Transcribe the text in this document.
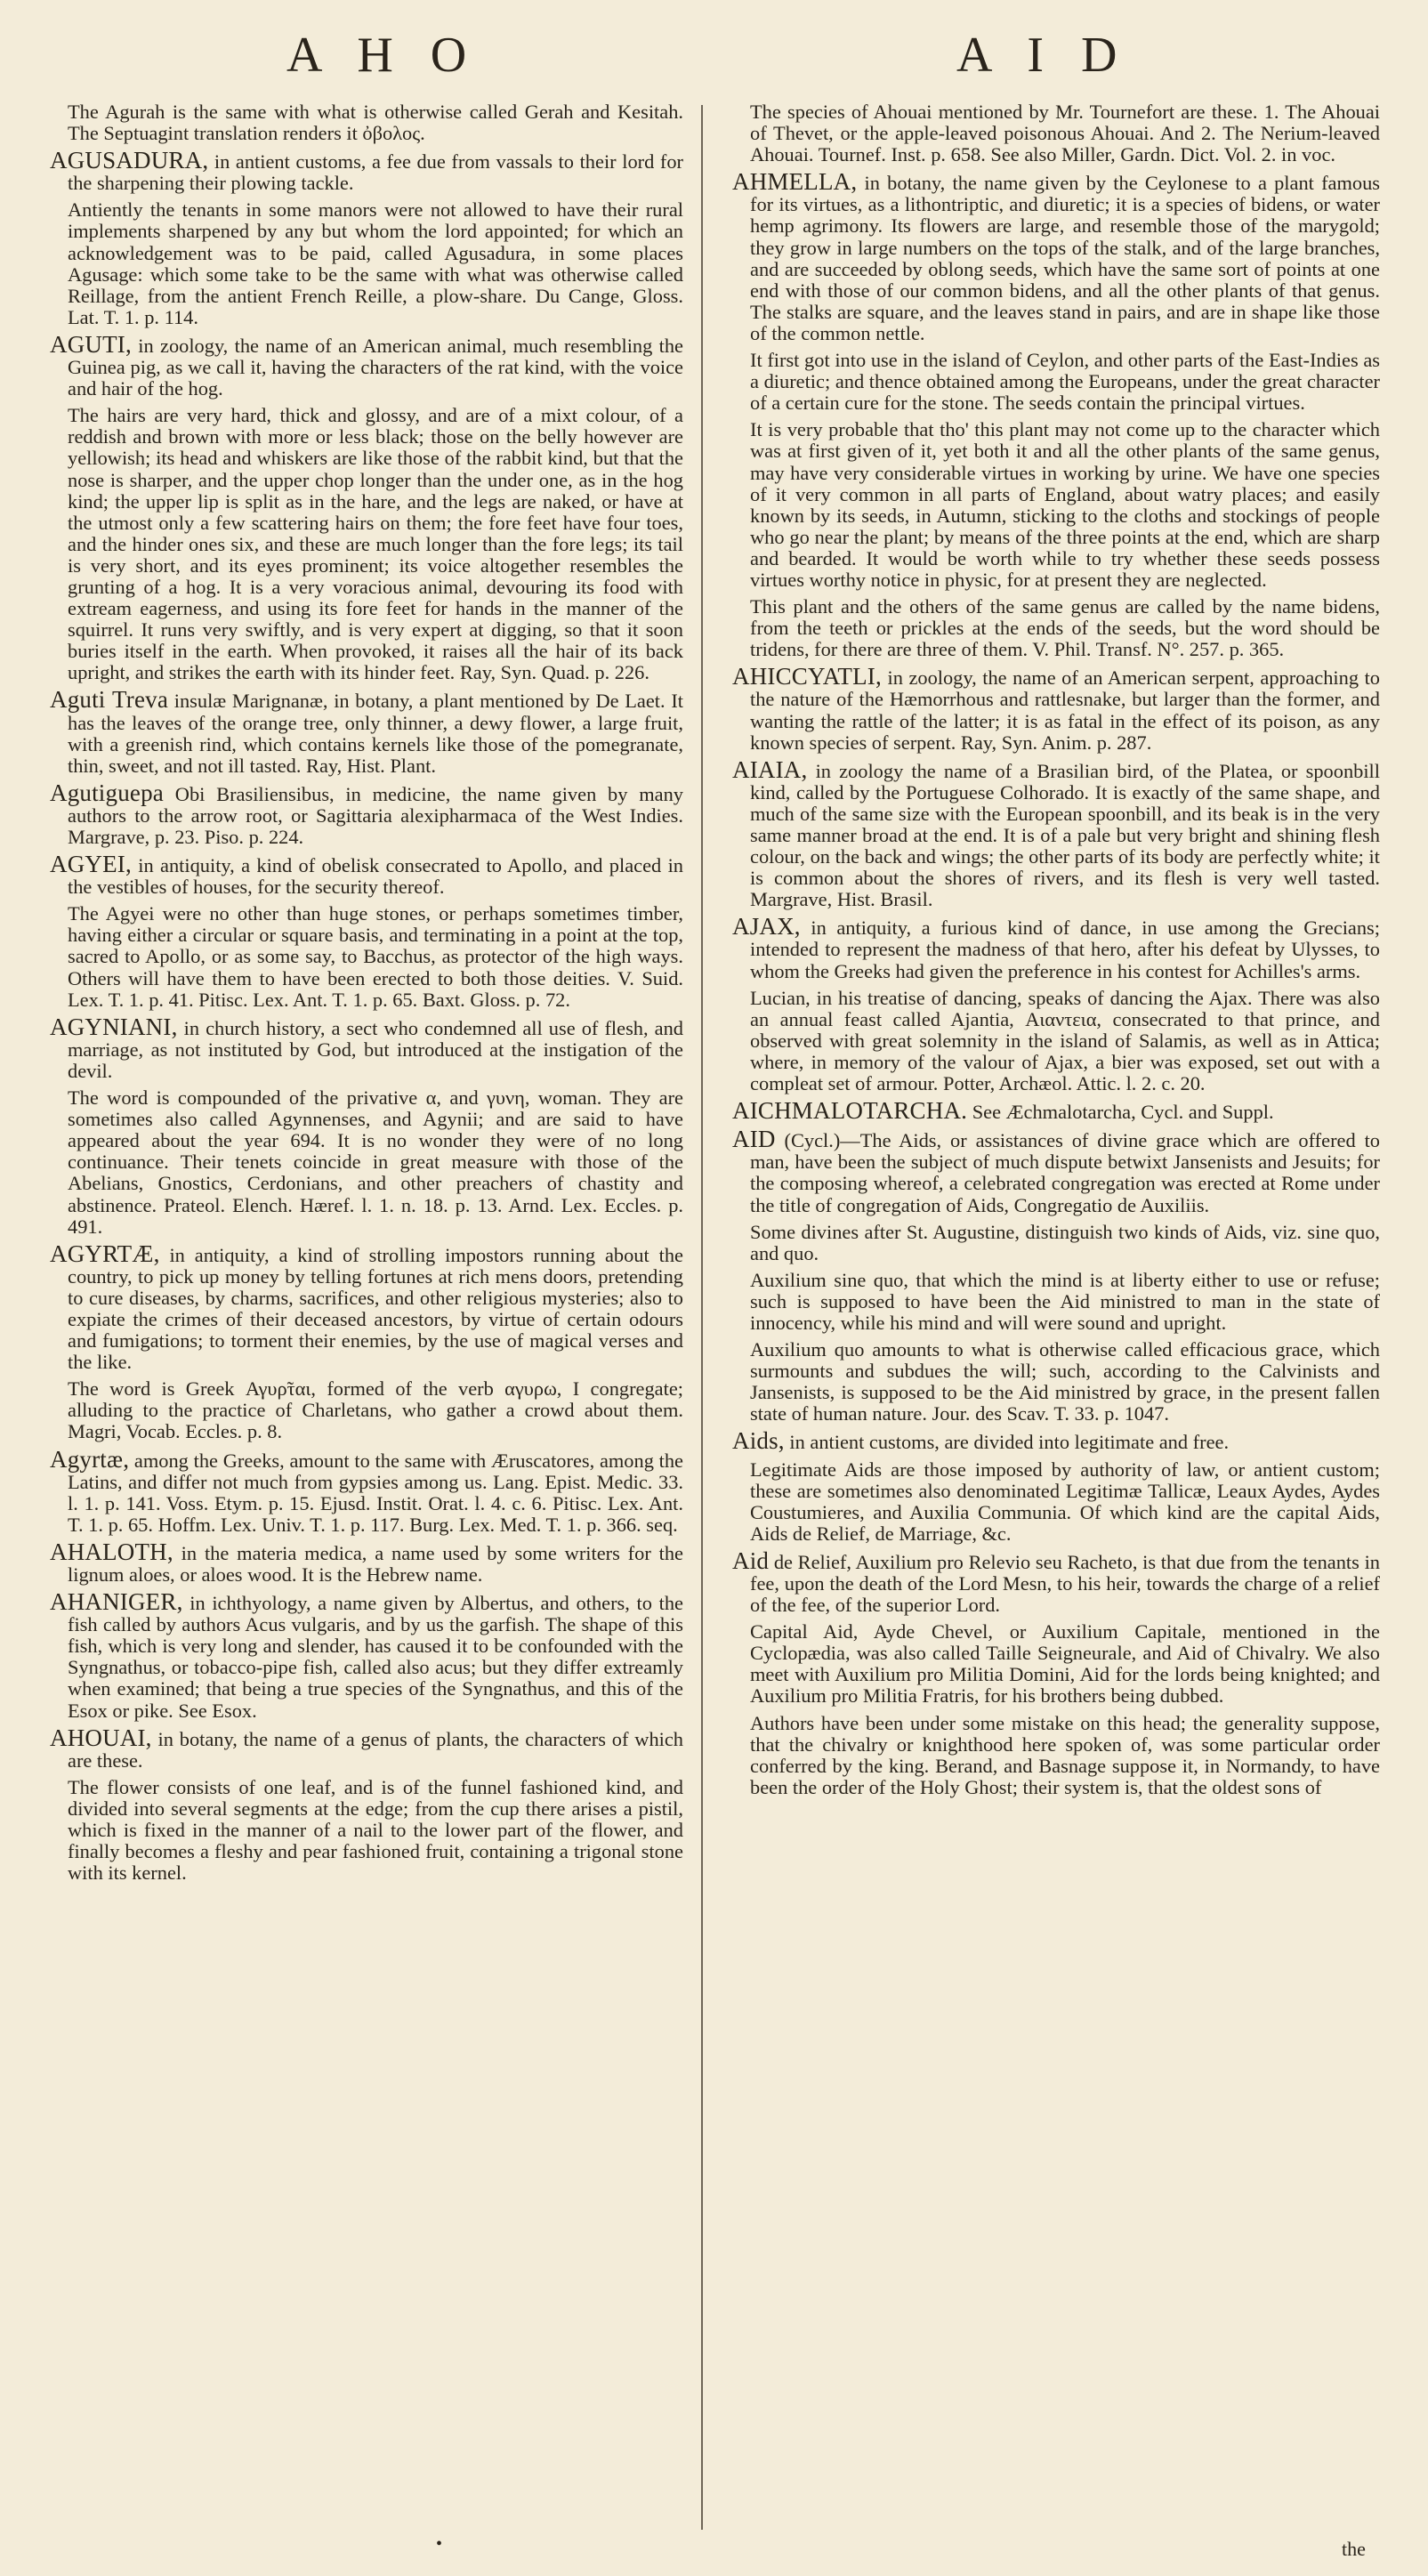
A H O	A I D

The Agurah is the same with what is otherwise called Gerah and Kesitah. The Septuagint translation renders it ὀβολος.

AGUSADURA, in antient customs, a fee due from vassals to their lord for the sharpening their plowing tackle.

Antiently the tenants in some manors were not allowed to have their rural implements sharpened by any but whom the lord appointed; for which an acknowledgement was to be paid, called Agusadura, in some places Agusage: which some take to be the same with what was otherwise called Reillage, from the antient French Reille, a plow-share. Du Cange, Gloss. Lat. T. 1. p. 114.

AGUTI, in zoology, the name of an American animal, much resembling the Guinea pig, as we call it, having the characters of the rat kind, with the voice and hair of the hog.

The hairs are very hard, thick and glossy, and are of a mixt colour, of a reddish and brown with more or less black; those on the belly however are yellowish; its head and whiskers are like those of the rabbit kind, but that the nose is sharper, and the upper chop longer than the under one, as in the hog kind; the upper lip is split as in the hare, and the legs are naked, or have at the utmost only a few scattering hairs on them; the fore feet have four toes, and the hinder ones six, and these are much longer than the fore legs; its tail is very short, and its eyes prominent; its voice altogether resembles the grunting of a hog. It is a very voracious animal, devouring its food with extream eagerness, and using its fore feet for hands in the manner of the squirrel. It runs very swiftly, and is very expert at digging, so that it soon buries itself in the earth. When provoked, it raises all the hair of its back upright, and strikes the earth with its hinder feet. Ray, Syn. Quad. p. 226.

Aguti Treva insulæ Marignanæ, in botany, a plant mentioned by De Laet. It has the leaves of the orange tree, only thinner, a dewy flower, a large fruit, with a greenish rind, which contains kernels like those of the pomegranate, thin, sweet, and not ill tasted. Ray, Hist. Plant.

Agutiguepa Obi Brasiliensibus, in medicine, the name given by many authors to the arrow root, or Sagittaria alexipharmaca of the West Indies. Margrave, p. 23. Piso. p. 224.

AGYEI, in antiquity, a kind of obelisk consecrated to Apollo, and placed in the vestibles of houses, for the security thereof.

The Agyei were no other than huge stones, or perhaps sometimes timber, having either a circular or square basis, and terminating in a point at the top, sacred to Apollo, or as some say, to Bacchus, as protector of the high ways. Others will have them to have been erected to both those deities. V. Suid. Lex. T. 1. p. 41. Pitisc. Lex. Ant. T. 1. p. 65. Baxt. Gloss. p. 72.

AGYNIANI, in church history, a sect who condemned all use of flesh, and marriage, as not instituted by God, but introduced at the instigation of the devil.

The word is compounded of the privative α, and γυνη, woman. They are sometimes also called Agynnenses, and Agynii; and are said to have appeared about the year 694. It is no wonder they were of no long continuance. Their tenets coincide in great measure with those of the Abelians, Gnostics, Cerdonians, and other preachers of chastity and abstinence. Prateol. Elench. Hæref. l. 1. n. 18. p. 13. Arnd. Lex. Eccles. p. 491.

AGYRTÆ, in antiquity, a kind of strolling impostors running about the country, to pick up money by telling fortunes at rich mens doors, pretending to cure diseases, by charms, sacrifices, and other religious mysteries; also to expiate the crimes of their deceased ancestors, by virtue of certain odours and fumigations; to torment their enemies, by the use of magical verses and the like.

The word is Greek Αγυρ̃ται, formed of the verb αγυρω, I congregate; alluding to the practice of Charletans, who gather a crowd about them. Magri, Vocab. Eccles. p. 8.

Agyrtæ, among the Greeks, amount to the same with Æruscatores, among the Latins, and differ not much from gypsies among us. Lang. Epist. Medic. 33. l. 1. p. 141. Voss. Etym. p. 15. Ejusd. Instit. Orat. l. 4. c. 6. Pitisc. Lex. Ant. T. 1. p. 65. Hoffm. Lex. Univ. T. 1. p. 117. Burg. Lex. Med. T. 1. p. 366. seq.

AHALOTH, in the materia medica, a name used by some writers for the lignum aloes, or aloes wood. It is the Hebrew name.

AHANIGER, in ichthyology, a name given by Albertus, and others, to the fish called by authors Acus vulgaris, and by us the garfish. The shape of this fish, which is very long and slender, has caused it to be confounded with the Syngnathus, or tobacco-pipe fish, called also acus; but they differ extreamly when examined; that being a true species of the Syngnathus, and this of the Esox or pike. See Esox.

AHOUAI, in botany, the name of a genus of plants, the characters of which are these.

The flower consists of one leaf, and is of the funnel fashioned kind, and divided into several segments at the edge; from the cup there arises a pistil, which is fixed in the manner of a nail to the lower part of the flower, and finally becomes a fleshy and pear fashioned fruit, containing a trigonal stone with its kernel.

The species of Ahouai mentioned by Mr. Tournefort are these. 1. The Ahouai of Thevet, or the apple-leaved poisonous Ahouai. And 2. The Nerium-leaved Ahouai. Tournef. Inst. p. 658. See also Miller, Gardn. Dict. Vol. 2. in voc.

AHMELLA, in botany, the name given by the Ceylonese to a plant famous for its virtues, as a lithontriptic, and diuretic; it is a species of bidens, or water hemp agrimony. Its flowers are large, and resemble those of the marygold; they grow in large numbers on the tops of the stalk, and of the large branches, and are succeeded by oblong seeds, which have the same sort of points at one end with those of our common bidens, and all the other plants of that genus. The stalks are square, and the leaves stand in pairs, and are in shape like those of the common nettle.

It first got into use in the island of Ceylon, and other parts of the East-Indies as a diuretic; and thence obtained among the Europeans, under the great character of a certain cure for the stone. The seeds contain the principal virtues.

It is very probable that tho' this plant may not come up to the character which was at first given of it, yet both it and all the other plants of the same genus, may have very considerable virtues in working by urine. We have one species of it very common in all parts of England, about watry places; and easily known by its seeds, in Autumn, sticking to the cloths and stockings of people who go near the plant; by means of the three points at the end, which are sharp and bearded. It would be worth while to try whether these seeds possess virtues worthy notice in physic, for at present they are neglected.

This plant and the others of the same genus are called by the name bidens, from the teeth or prickles at the ends of the seeds, but the word should be tridens, for there are three of them. V. Phil. Transf. N°. 257. p. 365.

AHICCYATLI, in zoology, the name of an American serpent, approaching to the nature of the Hæmorrhous and rattlesnake, but larger than the former, and wanting the rattle of the latter; it is as fatal in the effect of its poison, as any known species of serpent. Ray, Syn. Anim. p. 287.

AIAIA, in zoology the name of a Brasilian bird, of the Platea, or spoonbill kind, called by the Portuguese Colhorado. It is exactly of the same shape, and much of the same size with the European spoonbill, and its beak is in the very same manner broad at the end. It is of a pale but very bright and shining flesh colour, on the back and wings; the other parts of its body are perfectly white; it is common about the shores of rivers, and its flesh is very well tasted. Margrave, Hist. Brasil.

AJAX, in antiquity, a furious kind of dance, in use among the Grecians; intended to represent the madness of that hero, after his defeat by Ulysses, to whom the Greeks had given the preference in his contest for Achilles's arms.

Lucian, in his treatise of dancing, speaks of dancing the Ajax. There was also an annual feast called Ajantia, Αιαντεια, consecrated to that prince, and observed with great solemnity in the island of Salamis, as well as in Attica; where, in memory of the valour of Ajax, a bier was exposed, set out with a compleat set of armour. Potter, Archæol. Attic. l. 2. c. 20.

AICHMALOTARCHA. See Æchmalotarcha, Cycl. and Suppl.

AID (Cycl.)—The Aids, or assistances of divine grace which are offered to man, have been the subject of much dispute betwixt Jansenists and Jesuits; for the composing whereof, a celebrated congregation was erected at Rome under the title of congregation of Aids, Congregatio de Auxiliis.

Some divines after St. Augustine, distinguish two kinds of Aids, viz. sine quo, and quo.

Auxilium sine quo, that which the mind is at liberty either to use or refuse; such is supposed to have been the Aid ministred to man in the state of innocency, while his mind and will were sound and upright.

Auxilium quo amounts to what is otherwise called efficacious grace, which surmounts and subdues the will; such, according to the Calvinists and Jansenists, is supposed to be the Aid ministred by grace, in the present fallen state of human nature. Jour. des Scav. T. 33. p. 1047.

Aids, in antient customs, are divided into legitimate and free.

Legitimate Aids are those imposed by authority of law, or antient custom; these are sometimes also denominated Legitimæ Tallicæ, Leaux Aydes, Aydes Coustumieres, and Auxilia Communia. Of which kind are the capital Aids, Aids de Relief, de Marriage, &c.

Aid de Relief, Auxilium pro Relevio seu Racheto, is that due from the tenants in fee, upon the death of the Lord Mesn, to his heir, towards the charge of a relief of the fee, of the superior Lord.

Capital Aid, Ayde Chevel, or Auxilium Capitale, mentioned in the Cyclopædia, was also called Taille Seigneurale, and Aid of Chivalry. We also meet with Auxilium pro Militia Domini, Aid for the lords being knighted; and Auxilium pro Militia Fratris, for his brothers being dubbed.

Authors have been under some mistake on this head; the generality suppose, that the chivalry or knighthood here spoken of, was some particular order conferred by the king. Berand, and Basnage suppose it, in Normandy, to have been the order of the Holy Ghost; their system is, that the oldest sons of

the
•
